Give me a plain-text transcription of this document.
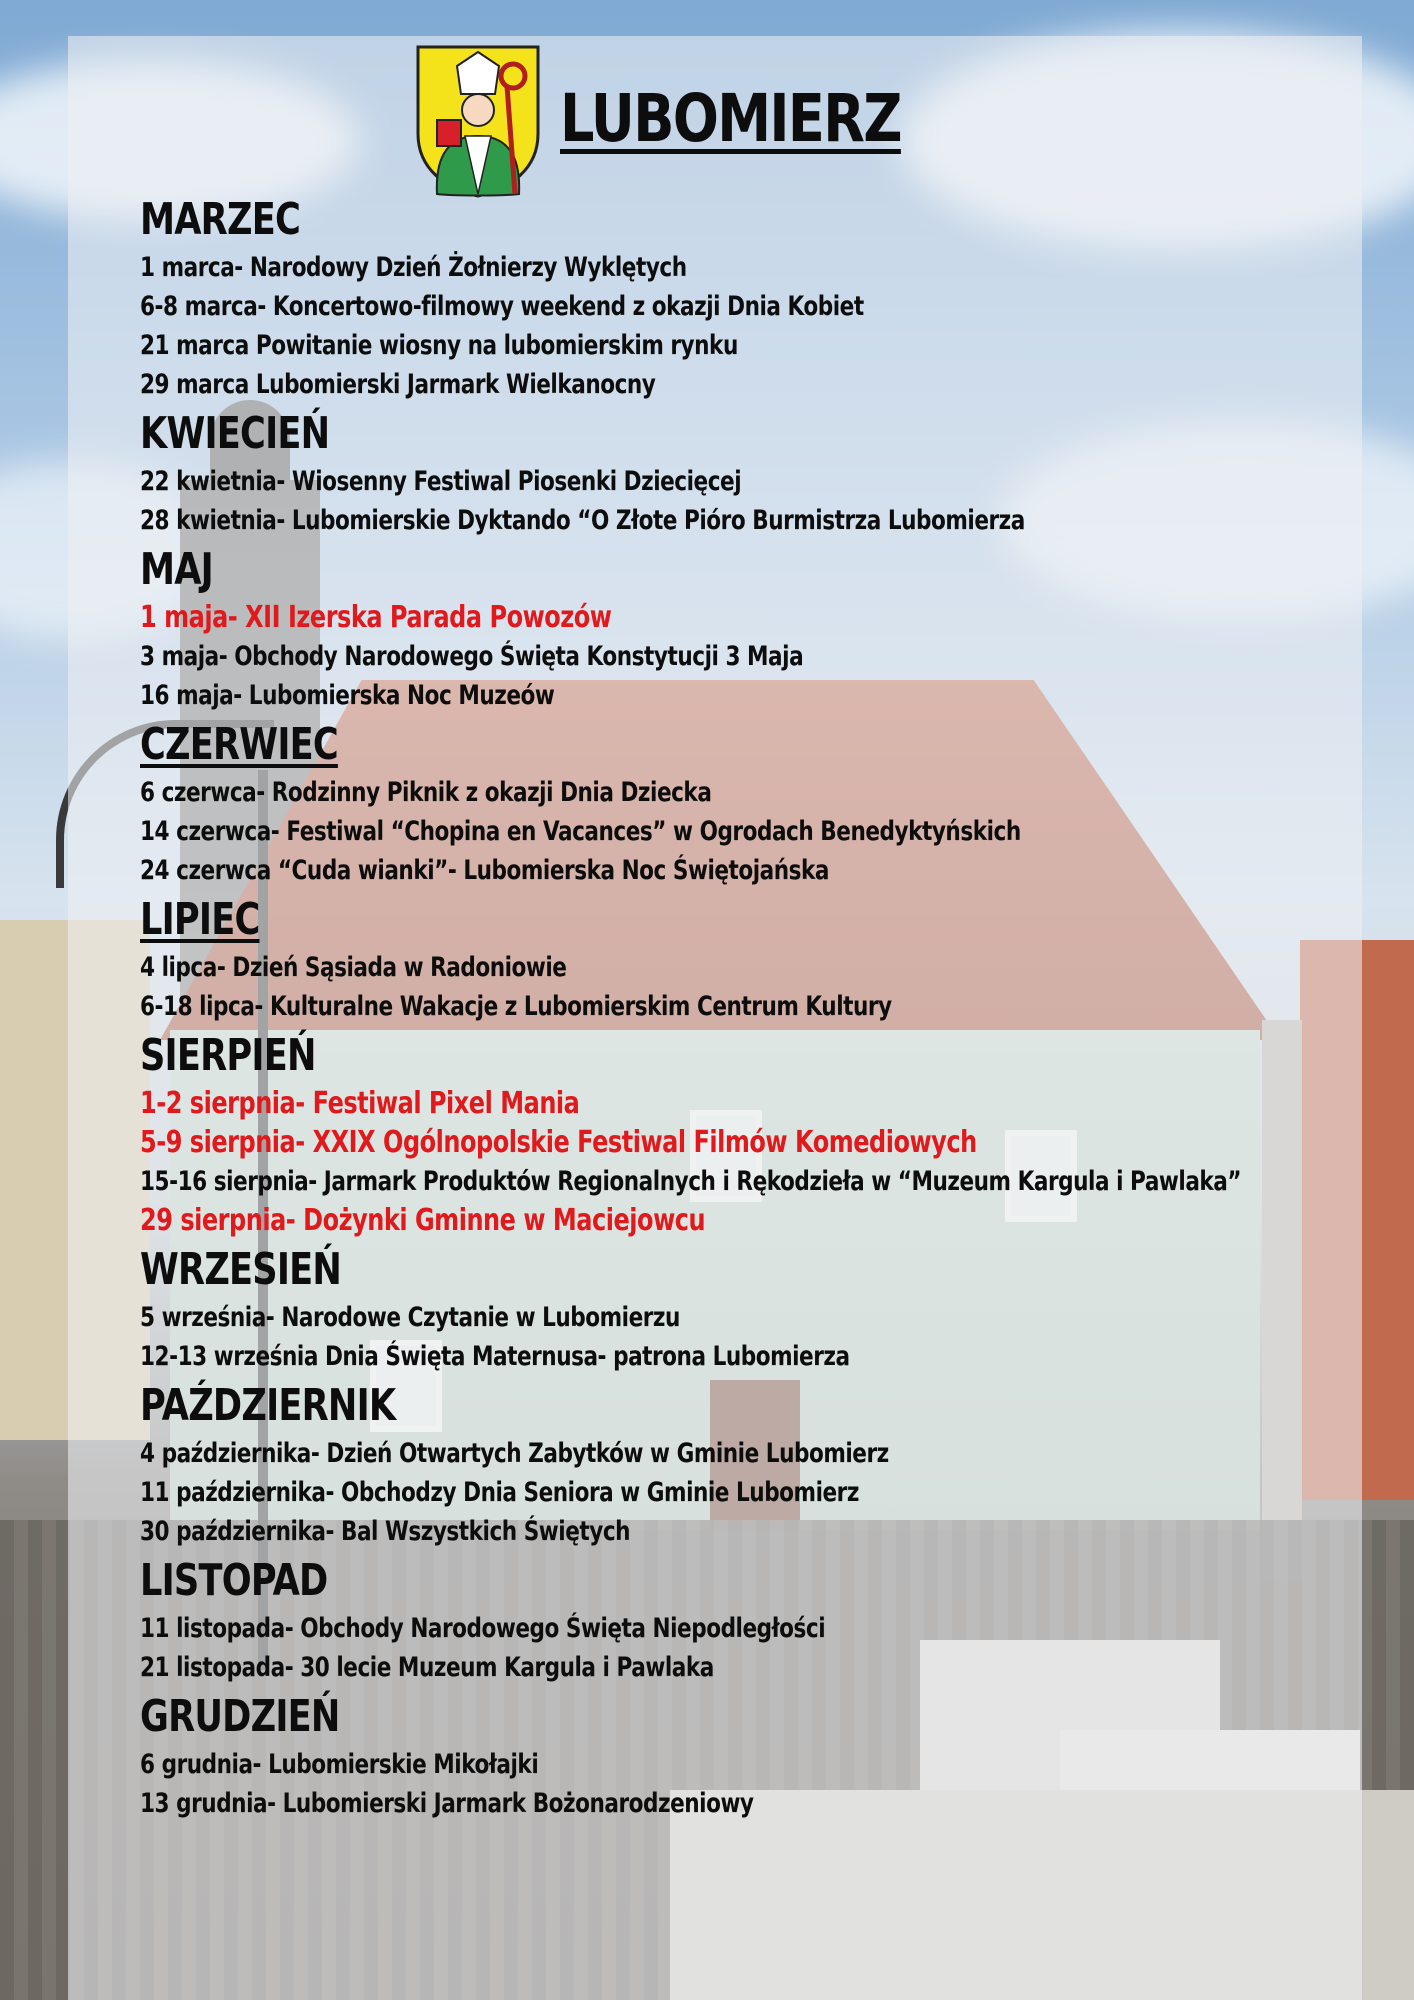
LUBOMIERZ
MARZEC
1 marca- Narodowy Dzień Żołnierzy Wyklętych
6-8 marca- Koncertowo-filmowy weekend z okazji Dnia Kobiet
21 marca Powitanie wiosny na lubomierskim rynku
29 marca Lubomierski Jarmark Wielkanocny
KWIECIEŃ
22 kwietnia- Wiosenny Festiwal Piosenki Dziecięcej
28 kwietnia- Lubomierskie Dyktando “O Złote Pióro Burmistrza Lubomierza
MAJ
1 maja- XII Izerska Parada Powozów
3 maja- Obchody Narodowego Święta Konstytucji 3 Maja
16 maja- Lubomierska Noc Muzeów
CZERWIEC
6 czerwca- Rodzinny Piknik z okazji Dnia Dziecka
14 czerwca- Festiwal “Chopina en Vacances” w Ogrodach Benedyktyńskich
24 czerwca “Cuda wianki”- Lubomierska Noc Świętojańska
LIPIEC
4 lipca- Dzień Sąsiada w Radoniowie
6-18 lipca- Kulturalne Wakacje z Lubomierskim Centrum Kultury
SIERPIEŃ
1-2 sierpnia- Festiwal Pixel Mania
5-9 sierpnia- XXIX Ogólnopolskie Festiwal Filmów Komediowych
15-16 sierpnia- Jarmark Produktów Regionalnych i Rękodzieła w “Muzeum Kargula i Pawlaka”
29 sierpnia- Dożynki Gminne w Maciejowcu
WRZESIEŃ
5 września- Narodowe Czytanie w Lubomierzu
12-13 września Dnia Święta Maternusa- patrona Lubomierza
PAŹDZIERNIK
4 października- Dzień Otwartych Zabytków w Gminie Lubomierz
11 października- Obchodzy Dnia Seniora w Gminie Lubomierz
30 października- Bal Wszystkich Świętych
LISTOPAD
11 listopada- Obchody Narodowego Święta Niepodległości
21 listopada- 30 lecie Muzeum Kargula i Pawlaka
GRUDZIEŃ
6 grudnia- Lubomierskie Mikołajki
13 grudnia- Lubomierski Jarmark Bożonarodzeniowy
